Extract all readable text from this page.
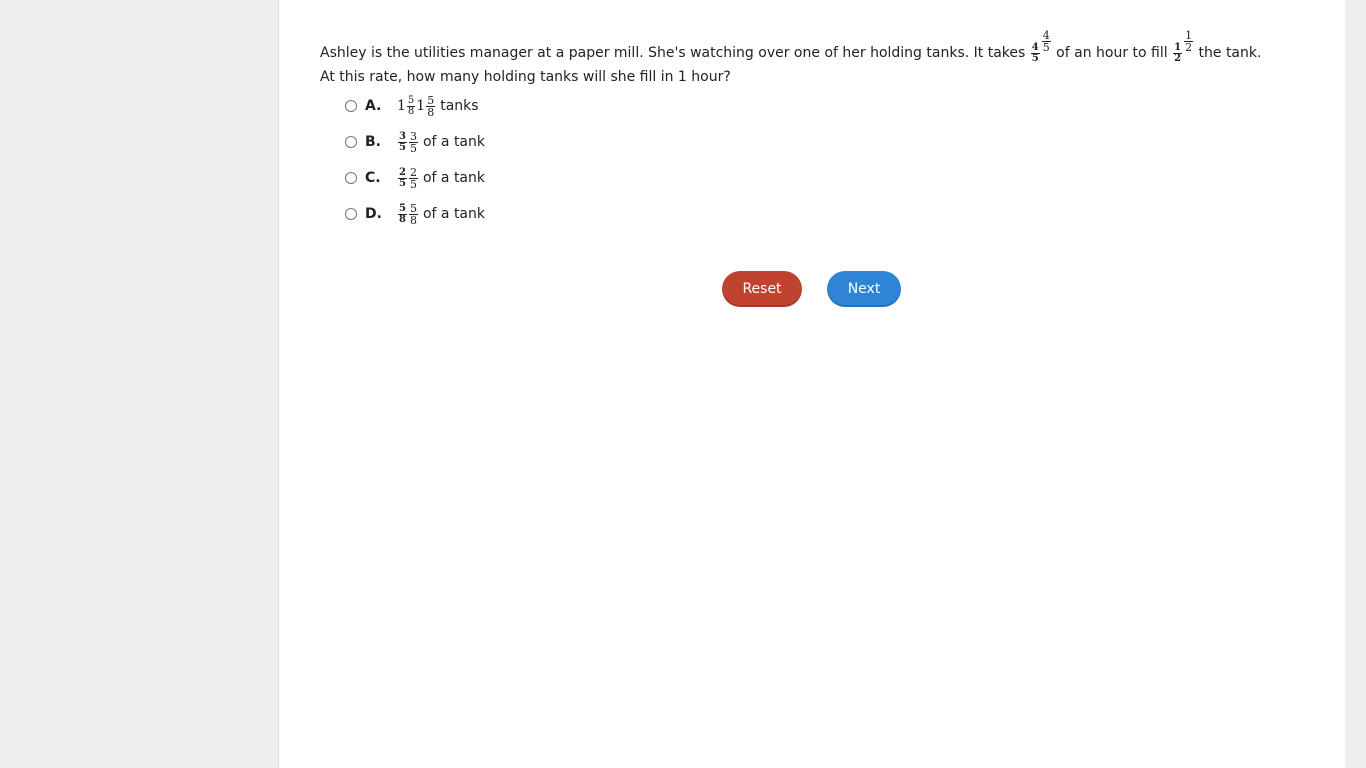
Ashley is the utilities manager at a paper mill. She's watching over one of her holding tanks. It takes $\frac{4}{5} \frac{4}{5}$ of an hour to fill $\frac{1}{2} \frac{1}{2}$ the tank. At this rate, how many holding tanks will she fill in 1 hour?
A.	$1 \frac{5}{8} 1 \frac{5}{8}$ tanks
B.	$\frac{3}{5} \frac{3}{5}$ of a tank
C.	$\frac{2}{5} \frac{2}{5}$ of a tank
D.	$\frac{5}{8} \frac{5}{8}$ of a tank
Reset	Next
